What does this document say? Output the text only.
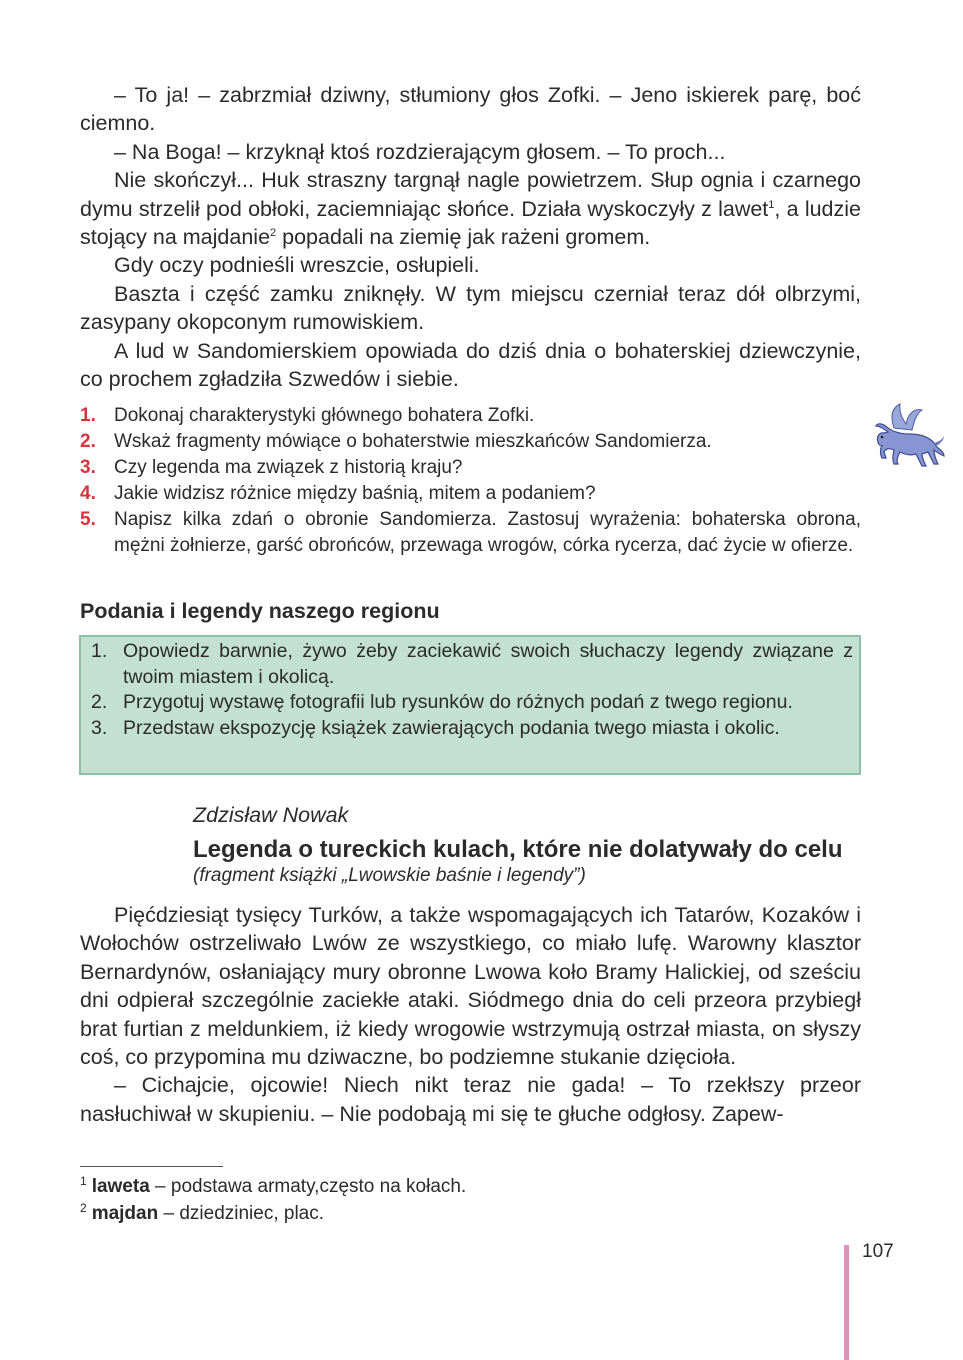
– To ja! – zabrzmiał dziwny, stłumiony głos Zofki. – Jeno iskierek parę, boć ciemno.

– Na Boga! – krzyknął ktoś rozdzierającym głosem. – To proch...

Nie skończył... Huk straszny targnął nagle powietrzem. Słup ognia i czarnego dymu strzelił pod obłoki, zaciemniając słońce. Działa wyskoczyły z lawet$^1$, a ludzie stojący na majdanie$^2$ popadali na ziemię jak rażeni gromem.

Gdy oczy podnieśli wreszcie, osłupieli.

Baszta i część zamku zniknęły. W tym miejscu czerniał teraz dół olbrzymi, zasypany okopconym rumowiskiem.

A lud w Sandomierskiem opowiada do dziś dnia o bohaterskiej dziewczynie, co prochem zgładziła Szwedów i siebie.

1. Dokonaj charakterystyki głównego bohatera Zofki.
2. Wskaż fragmenty mówiące o bohaterstwie mieszkańców Sandomierza.
3. Czy legenda ma związek z historią kraju?
4. Jakie widzisz różnice między baśnią, mitem a podaniem?
5. Napisz kilka zdań o obronie Sandomierza. Zastosuj wyrażenia: bohaterska obrona, mężni żołnierze, garść obrońców, przewaga wrogów, córka rycerza, dać życie w ofierze.
Podania i legendy naszego regionu
1. Opowiedz barwnie, żywo żeby zaciekawić swoich słuchaczy legendy związane z twoim miastem i okolicą.
2. Przygotuj wystawę fotografii lub rysunków do różnych podań z twego regionu.
3. Przedstaw ekspozycję książek zawierających podania twego miasta i okolic.
Zdzisław Nowak
Legenda o tureckich kulach, które nie dolatywały do celu
(fragment książki „Lwowskie baśnie i legendy”)

Pięćdziesiąt tysięcy Turków, a także wspomagających ich Tatarów, Kozaków i Wołochów ostrzeliwało Lwów ze wszystkiego, co miało lufę. Warowny klasztor Bernardynów, osłaniający mury obronne Lwowa koło Bramy Halickiej, od sześciu dni odpierał szczególnie zaciekłe ataki. Siódmego dnia do celi przeora przybiegł brat furtian z meldunkiem, iż kiedy wrogowie wstrzymują ostrzał miasta, on słyszy coś, co przypomina mu dziwaczne, bo podziemne stukanie dzięcioła.

– Cichajcie, ojcowie! Niech nikt teraz nie gada! – To rzekłszy przeor nasłuchiwał w skupieniu. – Nie podobają mi się te głuche odgłosy. Zapew-

$^1$ laweta – podstawa armaty,często na kołach.
$^2$ majdan – dziedziniec, plac.
107
